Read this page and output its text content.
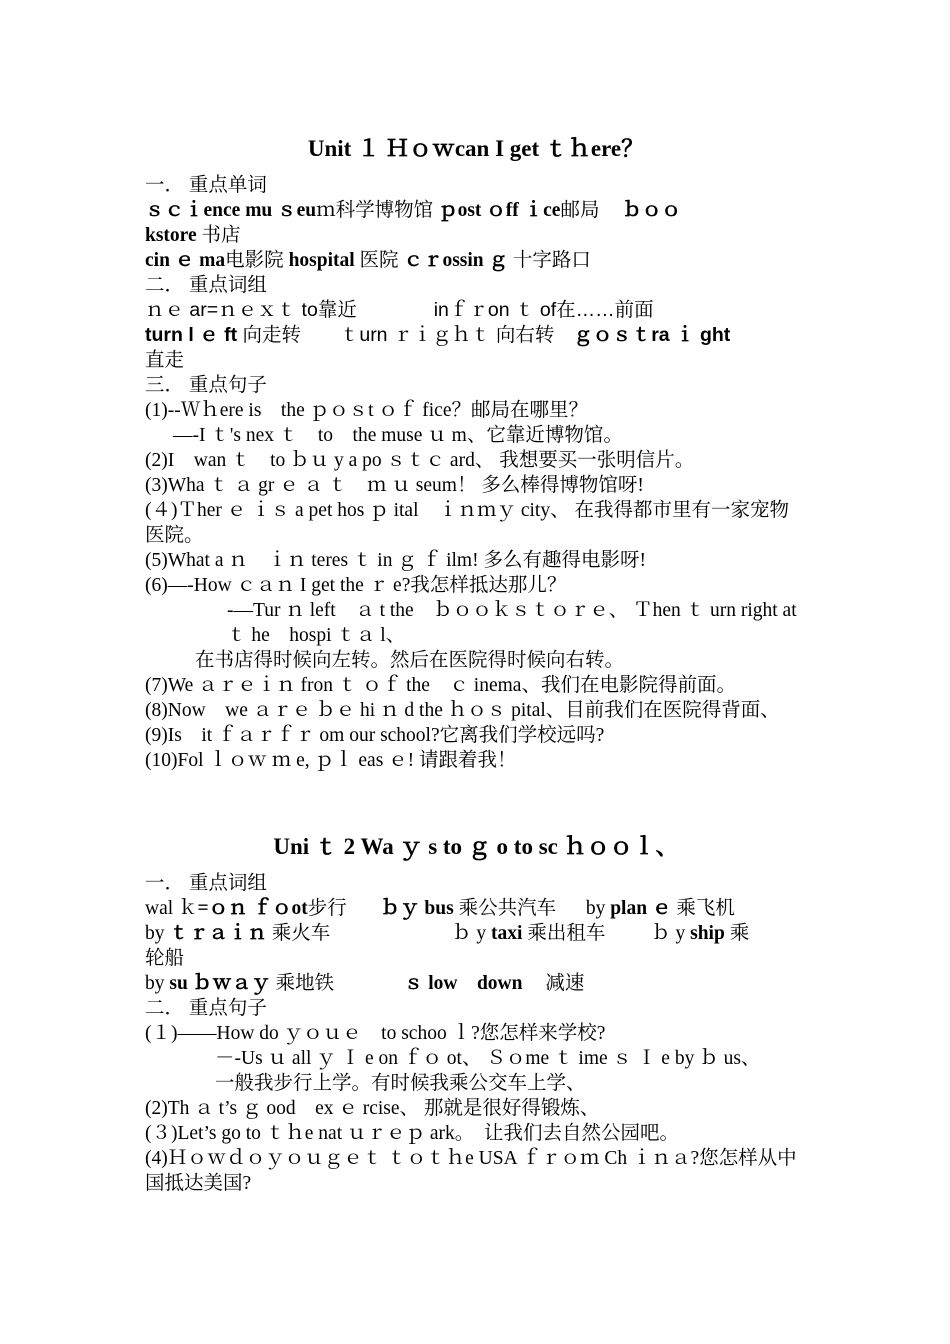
Unit １ Ｈｏｗcan I get ｔｈere？
一． 重点单词
ｓｃｉence mu ｓeuｍ科学博物馆 ｐost ｏff ｉce邮局 ｂｏｏ
kstore 书店
cin ｅ ma电影院 hospital 医院 ｃｒossin ｇ 十字路口
二． 重点词组
ｎｅ ar=ｎｅｘｔ to靠近	inｆｒon ｔ of在……前面
turn l ｅ ft 向走转 ｔurn ｒｉｇｈｔ 向右转  ｇｏｓｔra ｉ ght
直走
三． 重点句子
(1)--Ｗｈere is　the ｐｏｓt ｏｆ fice？邮局在哪里？
—-I ｔ's nex ｔ　to　the muse ｕ m、它靠近博物馆。
(2)I　wan ｔ　to ｂｕ y a po ｓｔｃ ard、 我想要买一张明信片。
(3)Wha ｔ ａ gr ｅ ａ ｔ　ｍ ｕ seum！ 多么棒得博物馆呀!
(４)Ｔher ｅ ｉｓ a pet hos ｐ ital　ｉｎｍｙ city、 在我得都市里有一家宠物医院。
(5)What a ｎ　ｉｎ teres ｔ in ｇ ｆ ilm! 多么有趣得电影呀!
(6)—-How ｃａｎ I get the ｒ e?我怎样抵达那儿？
-—Tur ｎ left　ａ t the　ｂｏｏｋｓｔｏｒｅ、 Ｔhen ｔ urn right at ｔ he　hospi ｔａ l、
在书店得时候向左转。然后在医院得时候向右转。
(7)We ａｒｅｉｎ fron ｔ ｏｆ the　ｃ inema、我们在电影院得前面。
(8)Now　we ａｒｅ ｂｅ hi ｎ d the ｈｏｓ pital、目前我们在医院得背面、
(9)Is　it ｆａｒｆｒ om our school?它离我们学校远吗?
(10)Fol ｌｏｗ ｍ e, ｐｌ eas ｅ! 请跟着我！
Uni ｔ 2 Wa ｙ s to ｇ o to sc ｈｏｏｌ、
一． 重点词组
wal ｋ=ｏｎ ｆｏot步行  ｂｙ bus 乘公共汽车  by plan ｅ 乘飞机
by ｔｒａｉｎ 乘火车	ｂ y taxi 乘出租车  ｂ y ship 乘
轮船
by su ｂｗａｙ 乘地铁	ｓ low　down 减速
二． 重点句子
(１)——How do ｙｏｕｅ　to schoo ｌ?您怎样来学校?
－-Us ｕ all ｙ Ｉ e on ｆｏ ot、 Ｓｏme ｔ ime ｓ Ｉ e by ｂ us、
一般我步行上学。有时候我乘公交车上学、
(2)Th ａ t’s ｇ ood　ex ｅ rcise、 那就是很好得锻炼、
(３)Let’s go to ｔｈe nat ｕｒｅｐ ark。　让我们去自然公园吧。
(4)Ｈｏｗｄｏｙｏｕｇｅｔ ｔｏｔｈe USA ｆｒｏｍ Ch ｉｎａ?您怎样从中国抵达美国?
